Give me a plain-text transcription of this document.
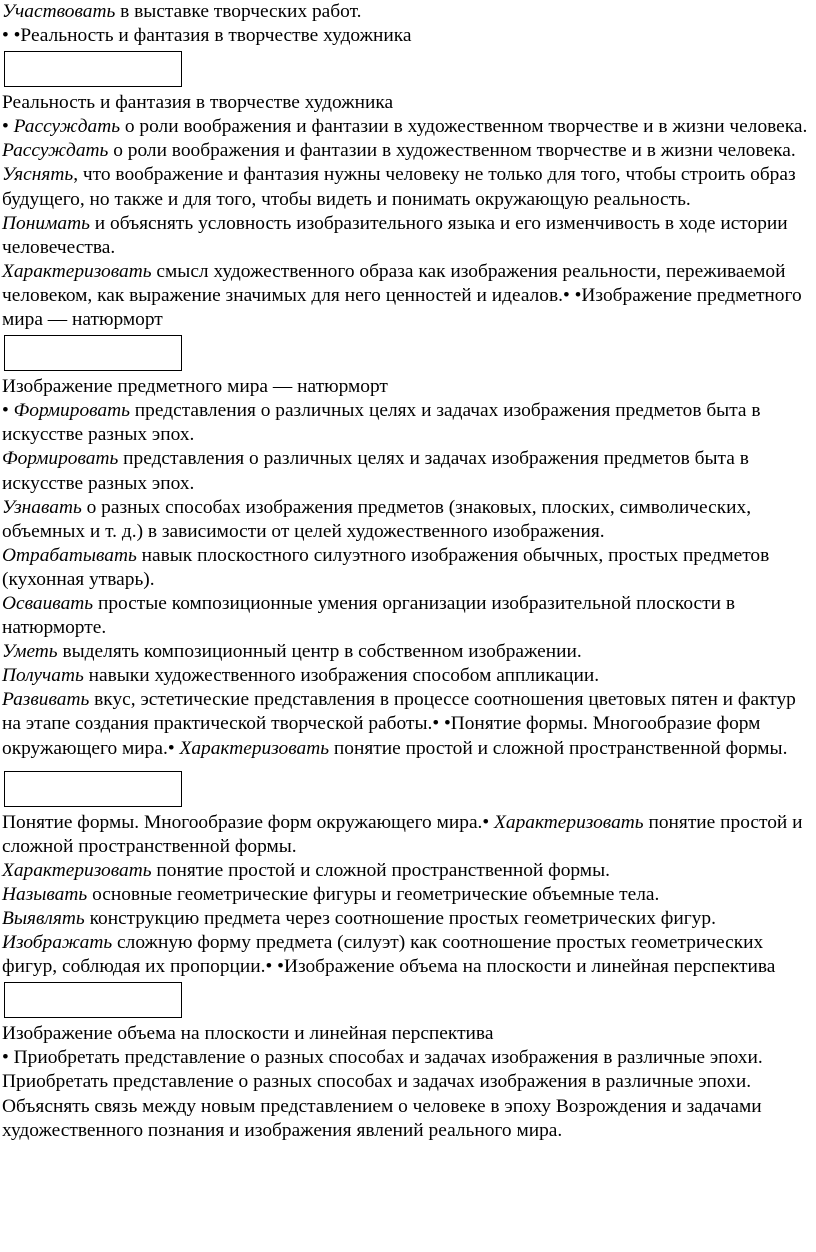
Участвовать в выставке творческих работ.

• •Реальность и фантазия в творчестве художника

Реальность и фантазия в творчестве художника

• Рассуждать о роли воображения и фантазии в художественном творчестве и в жизни человека.

Рассуждать о роли воображения и фантазии в художественном творчестве и в жизни человека.

Уяснять, что воображение и фантазия нужны человеку не только для того, чтобы строить образ будущего, но также и для того, чтобы видеть и понимать окружающую реальность.

Понимать и объяснять условность изобразительного языка и его изменчивость в ходе истории человечества.

Характеризовать смысл художественного образа как изображения реальности, переживаемой человеком, как выражение значимых для него ценностей и идеалов.• •Изображение предметного мира — натюрморт

Изображение предметного мира — натюрморт

• Формировать представления о различных целях и задачах изображения предметов быта в искусстве разных эпох.

Формировать представления о различных целях и задачах изображения предметов быта в искусстве разных эпох.

Узнавать о разных способах изображения предметов (знаковых, плоских, символических, объемных и т. д.) в зависимости от целей художественного изображения.

Отрабатывать навык плоскостного силуэтного изображения обычных, простых предметов (кухонная утварь).

Осваивать простые композиционные умения организации изобразительной плоскости в натюрморте.

Уметь выделять композиционный центр в собственном изображении.

Получать навыки художественного изображения способом аппликации.

Развивать вкус, эстетические представления в процессе соотношения цветовых пятен и фактур на этапе создания практической творческой работы.• •Понятие формы. Многообразие форм окружающего мира.• Характеризовать понятие простой и сложной пространственной формы.

Понятие формы. Многообразие форм окружающего мира.• Характеризовать понятие простой и сложной пространственной формы.

Характеризовать понятие простой и сложной пространственной формы.

Называть основные геометрические фигуры и геометрические объемные тела.

Выявлять конструкцию предмета через соотношение простых геометрических фигур.

Изображать сложную форму предмета (силуэт) как соотношение простых геометрических фигур, соблюдая их пропорции.• •Изображение объема на плоскости и линейная перспектива

Изображение объема на плоскости и линейная перспектива

• Приобретать представление о разных способах и задачах изображения в различные эпохи.

Приобретать представление о разных способах и задачах изображения в различные эпохи.

Объяснять связь между новым представлением о человеке в эпоху Возрождения и задачами художественного познания и изображения явлений реального мира.
